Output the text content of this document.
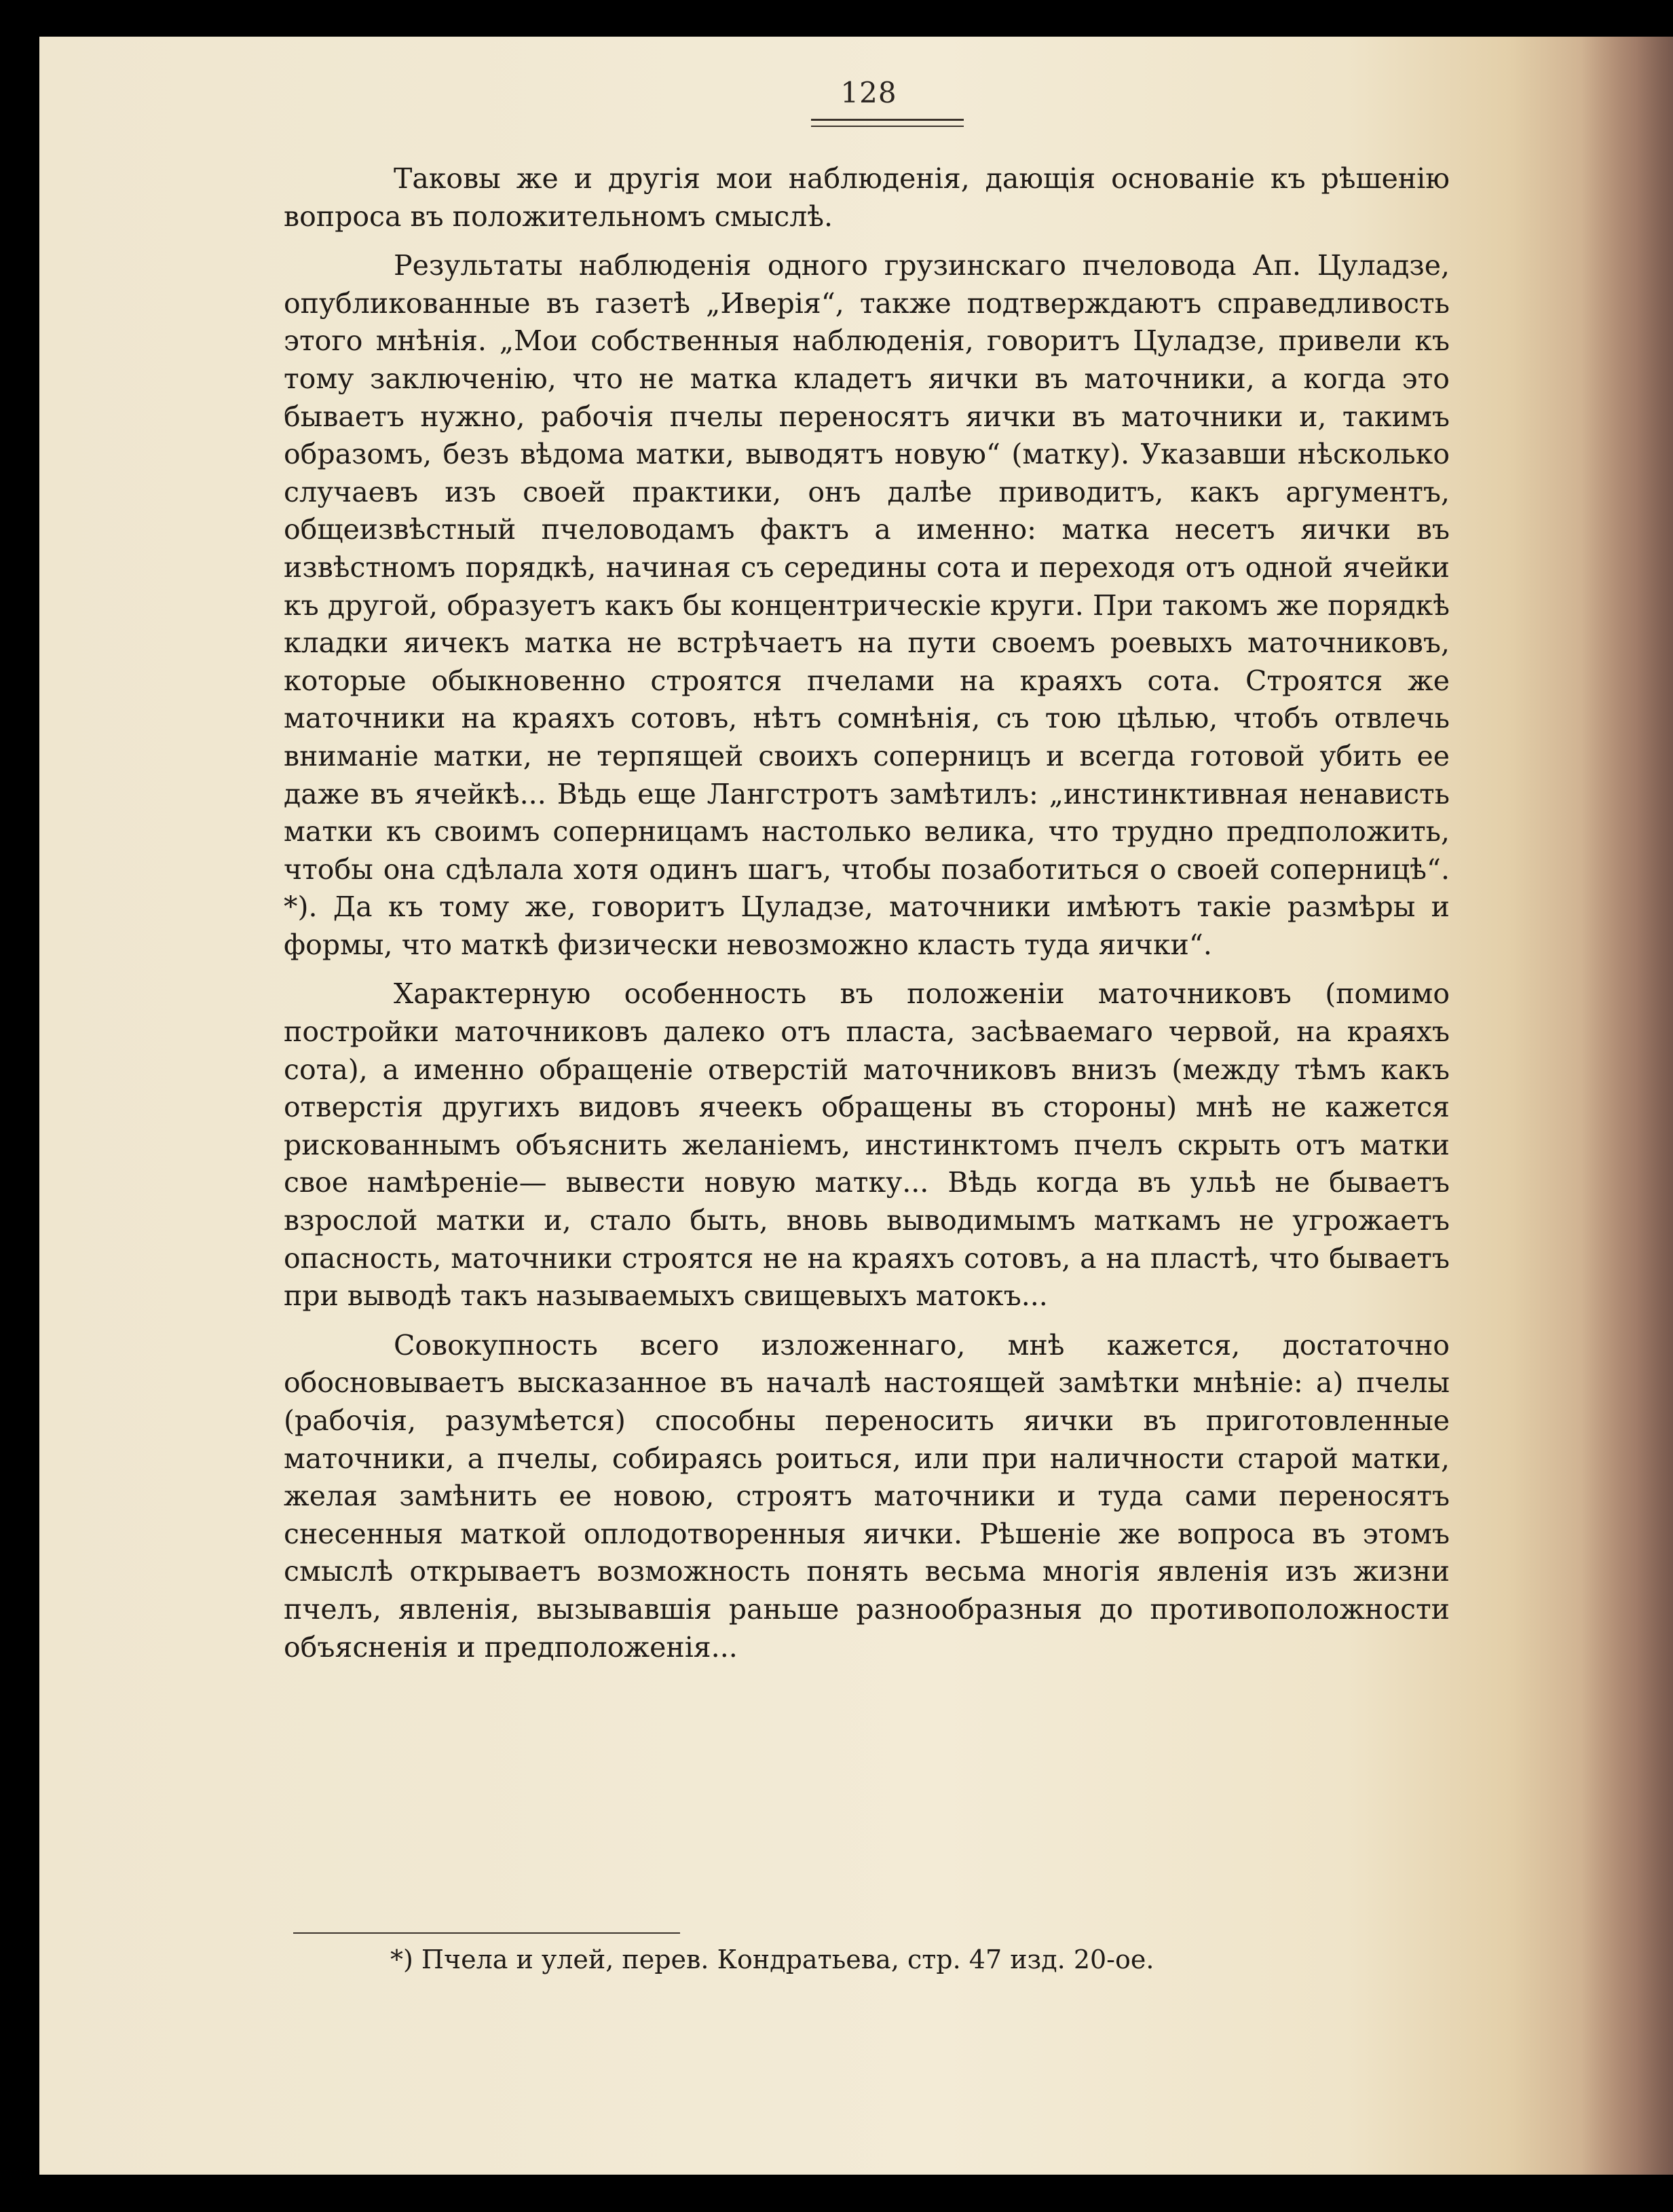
128

Таковы же и другія мои наблюденія, дающія основаніе къ рѣшенію вопроса въ положительномъ смыслѣ.

Результаты наблюденія одного грузинскаго пчеловода Ап. Цуладзе, опубликованные въ газетѣ „Иверія“, также подтверждаютъ справедливость этого мнѣнія. „Мои собственныя наблюденія, говоритъ Цуладзе, привели къ тому заключенію, что не матка кладетъ яички въ маточники, а когда это бываетъ нужно, рабочія пчелы переносятъ яички въ маточники и, такимъ образомъ, безъ вѣдома матки, выводятъ новую“ (матку). Указавши нѣсколько случаевъ изъ своей практики, онъ далѣе приводитъ, какъ аргументъ, общеизвѣстный пчеловодамъ фактъ а именно: матка несетъ яички въ извѣстномъ порядкѣ, начиная съ середины сота и переходя отъ одной ячейки къ другой, образуетъ какъ бы концентрическіе круги. При такомъ же порядкѣ кладки яичекъ матка не встрѣчаетъ на пути своемъ роевыхъ маточниковъ, которые обыкновенно строятся пчелами на краяхъ сота. Строятся же маточники на краяхъ сотовъ, нѣтъ сомнѣнія, съ тою цѣлью, чтобъ отвлечь вниманіе матки, не терпящей своихъ соперницъ и всегда готовой убить ее даже въ ячейкѣ... Вѣдь еще Лангстротъ замѣтилъ: „инстинктивная ненависть матки къ своимъ соперницамъ настолько велика, что трудно предположить, чтобы она сдѣлала хотя одинъ шагъ, чтобы позаботиться о своей соперницѣ“. *). Да къ тому же, говоритъ Цуладзе, маточники имѣютъ такіе размѣры и формы, что маткѣ физически невозможно класть туда яички“.

Характерную особенность въ положеніи маточниковъ (помимо постройки маточниковъ далеко отъ пласта, засѣваемаго червой, на краяхъ сота), а именно обращеніе отверстій маточниковъ внизъ (между тѣмъ какъ отверстія другихъ видовъ ячеекъ обращены въ стороны) мнѣ не кажется рискованнымъ объяснить желаніемъ, инстинктомъ пчелъ скрыть отъ матки свое намѣреніе— вывести новую матку... Вѣдь когда въ ульѣ не бываетъ взрослой матки и, стало быть, вновь выводимымъ маткамъ не угрожаетъ опасность, маточники строятся не на краяхъ сотовъ, а на пластѣ, что бываетъ при выводѣ такъ называемыхъ свищевыхъ матокъ...

Совокупность всего изложеннаго, мнѣ кажется, достаточно обосновываетъ высказанное въ началѣ настоящей замѣтки мнѣніе: а) пчелы (рабочія, разумѣется) способны переносить яички въ приготовленные маточники, а пчелы, собираясь роиться, или при наличности старой матки, желая замѣнить ее новою, строятъ маточники и туда сами переносятъ снесенныя маткой оплодотворенныя яички. Рѣшеніе же вопроса въ этомъ смыслѣ открываетъ возможность понять весьма многія явленія изъ жизни пчелъ, явленія, вызывавшія раньше разнообразныя до противоположности объясненія и предположенія...

*) Пчела и улей, перев. Кондратьева, стр. 47 изд. 20-ое.
